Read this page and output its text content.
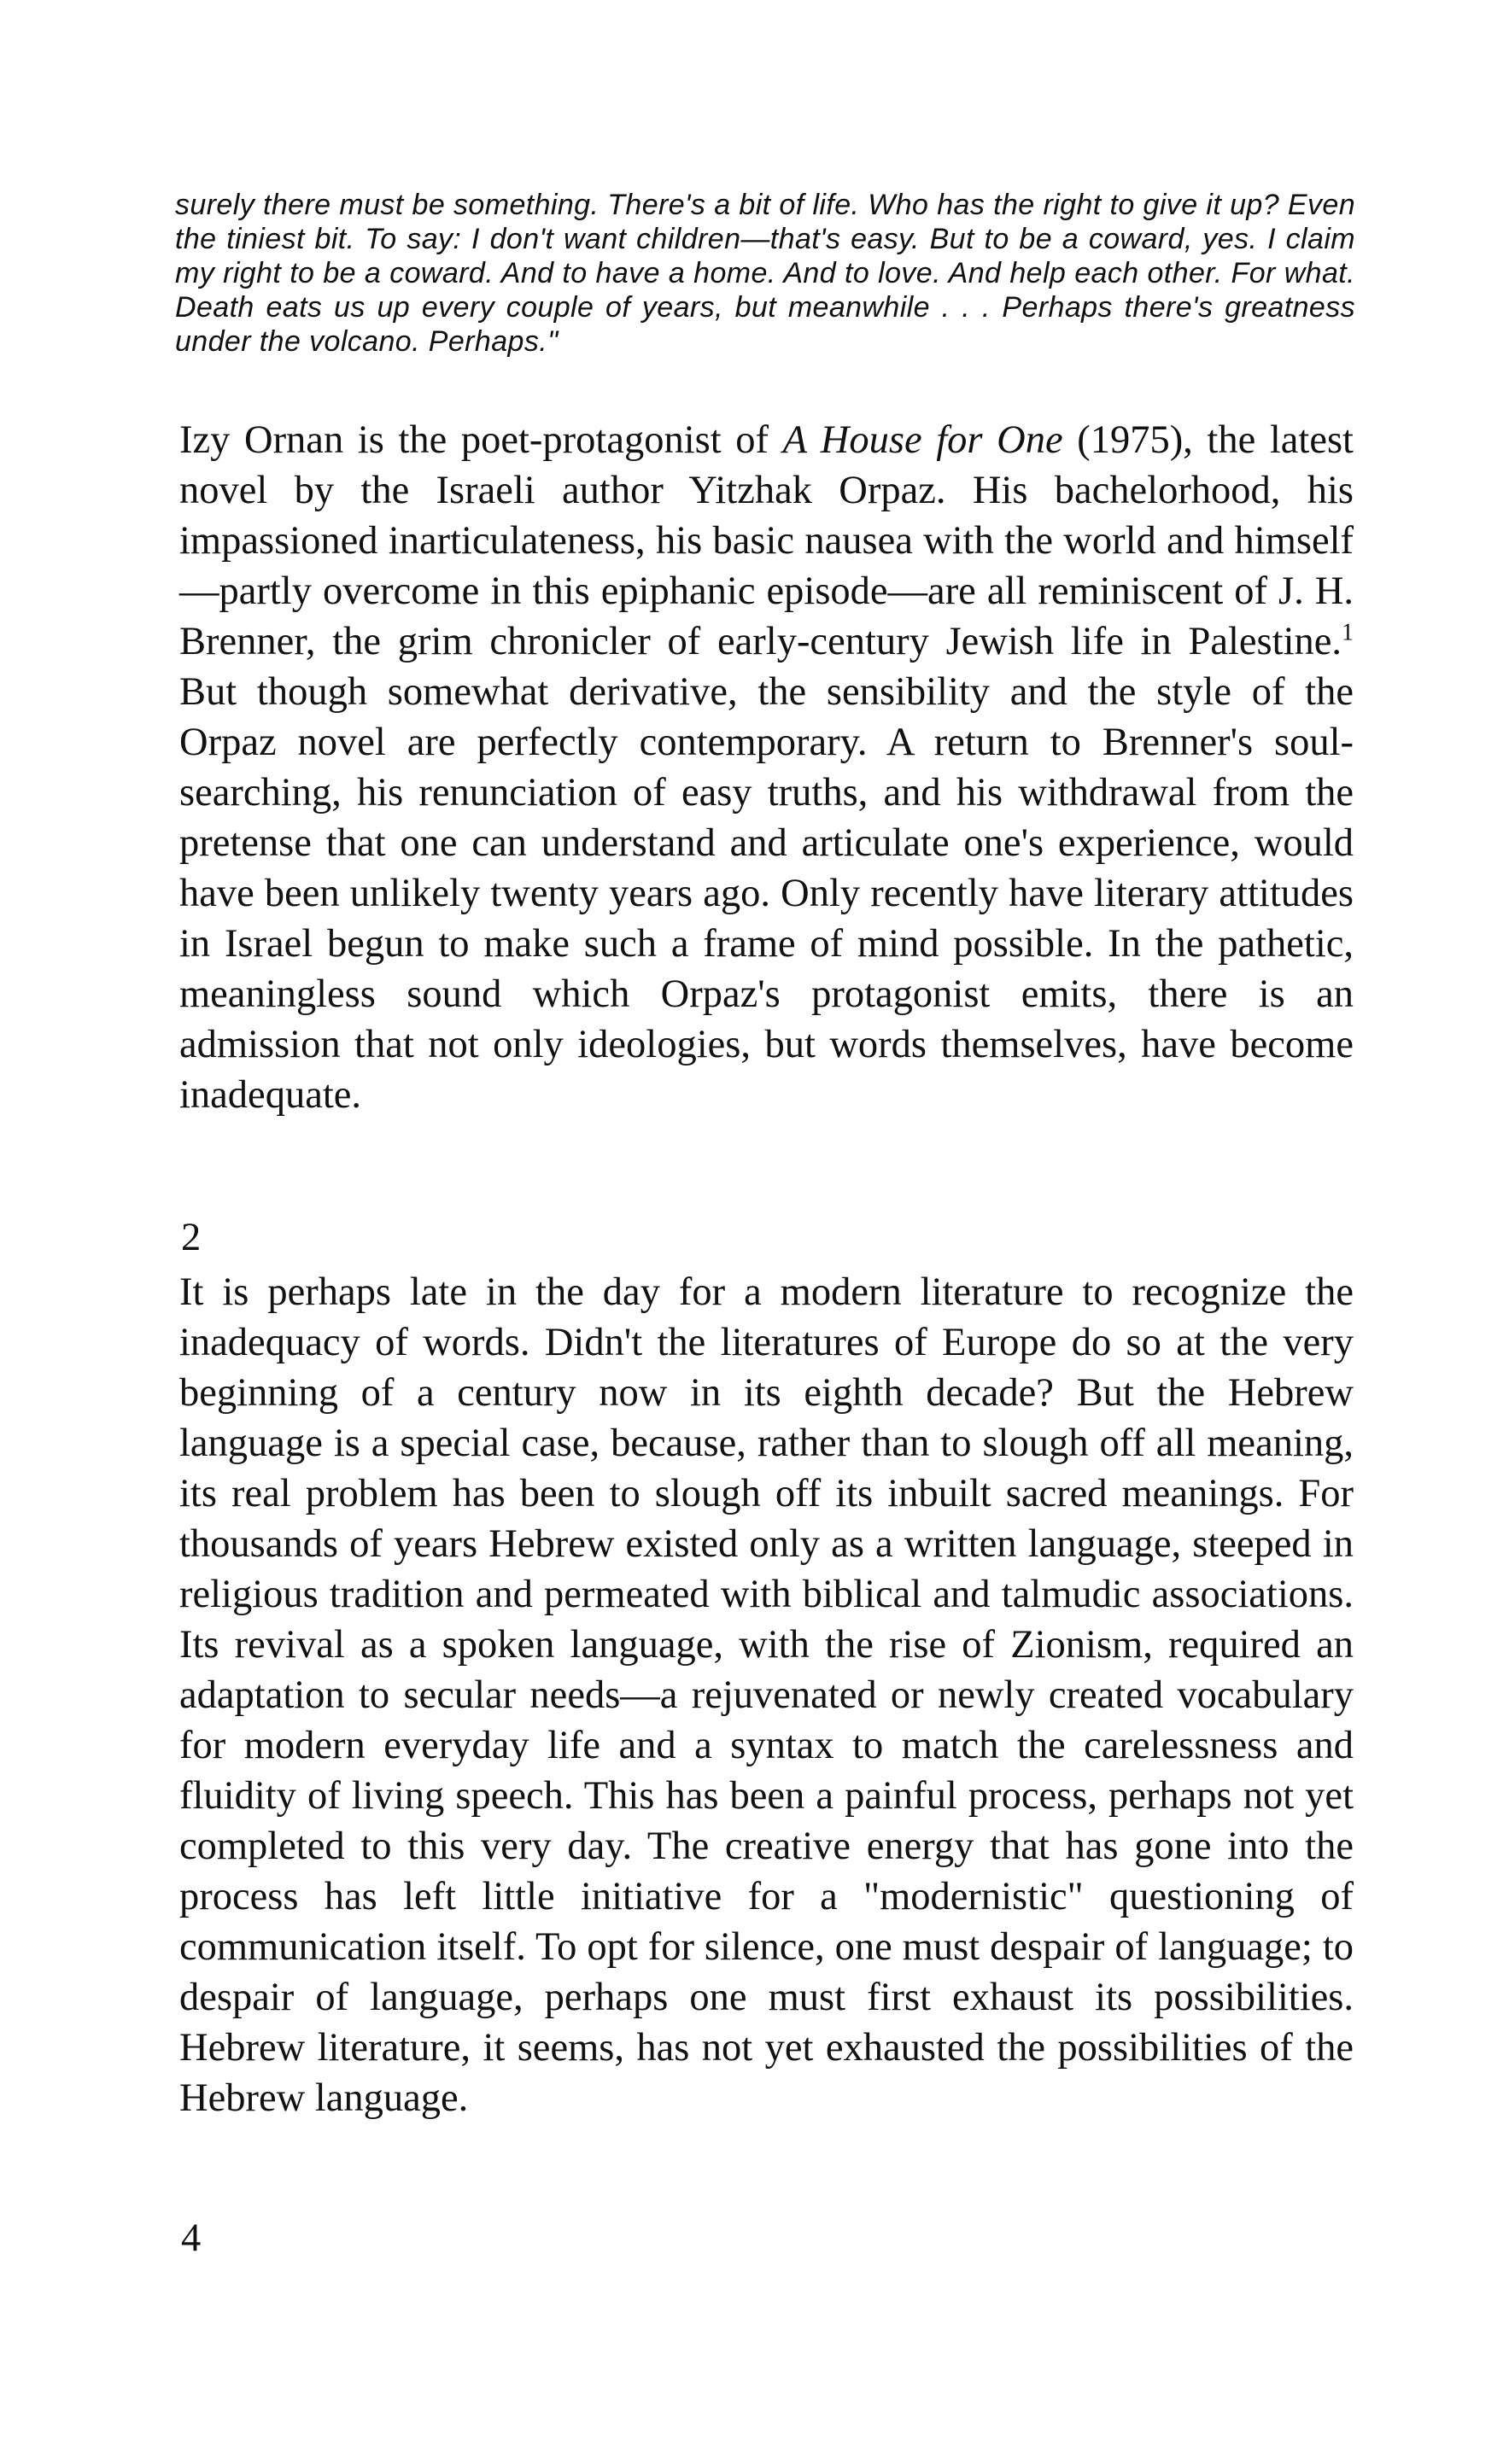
surely there must be something. There's a bit of life. Who has the right to give it up? Even the tiniest bit. To say: I don't want children—that's easy. But to be a coward, yes. I claim my right to be a coward. And to have a home. And to love. And help each other. For what. Death eats us up every couple of years, but meanwhile . . . Perhaps there's greatness under the volcano. Perhaps."

Izy Ornan is the poet-protagonist of A House for One (1975), the latest novel by the Israeli author Yitzhak Orpaz. His bachelorhood, his impassioned inarticulateness, his basic nausea with the world and himself—partly overcome in this epiphanic episode—are all reminiscent of J. H. Brenner, the grim chronicler of early-century Jewish life in Palestine.$^1$ But though somewhat derivative, the sensibility and the style of the Orpaz novel are perfectly contemporary. A return to Brenner's soul-searching, his renunciation of easy truths, and his withdrawal from the pretense that one can understand and articulate one's experience, would have been unlikely twenty years ago. Only recently have literary attitudes in Israel begun to make such a frame of mind possible. In the pathetic, meaningless sound which Orpaz's protagonist emits, there is an admission that not only ideologies, but words themselves, have become inadequate.

2

It is perhaps late in the day for a modern literature to recognize the inadequacy of words. Didn't the literatures of Europe do so at the very beginning of a century now in its eighth decade? But the Hebrew language is a special case, because, rather than to slough off all meaning, its real problem has been to slough off its inbuilt sacred meanings. For thousands of years Hebrew existed only as a written language, steeped in religious tradition and permeated with biblical and talmudic associations. Its revival as a spoken language, with the rise of Zionism, required an adaptation to secular needs—a rejuvenated or newly created vocabulary for modern everyday life and a syntax to match the carelessness and fluidity of living speech. This has been a painful process, perhaps not yet completed to this very day. The creative energy that has gone into the process has left little initiative for a "modernistic" questioning of communication itself. To opt for silence, one must despair of language; to despair of language, perhaps one must first exhaust its possibilities. Hebrew literature, it seems, has not yet exhausted the possibilities of the Hebrew language.

4
